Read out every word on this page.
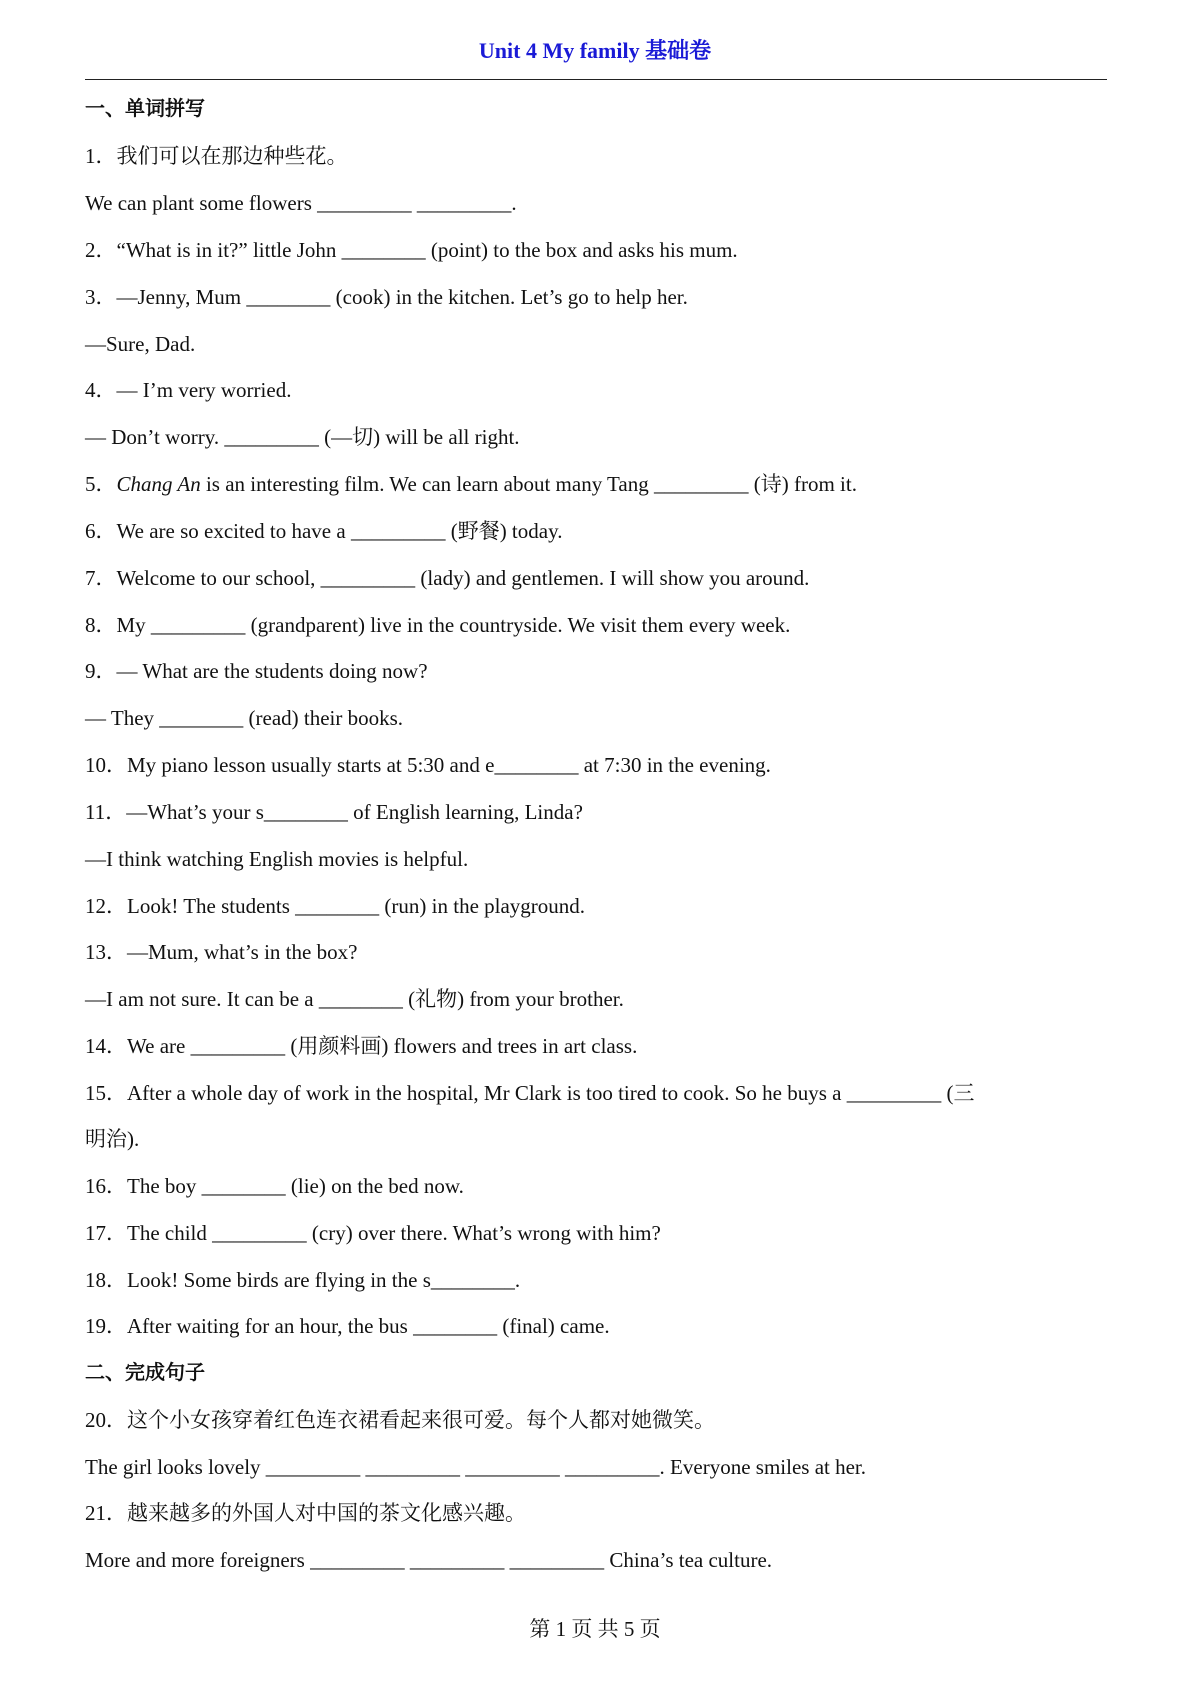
Unit 4 My family 基础卷
一、单词拼写
1．我们可以在那边种些花。
We can plant some flowers _________ _________.
2．“What is in it?” little John ________ (point) to the box and asks his mum.
3．—Jenny, Mum ________ (cook) in the kitchen. Let’s go to help her.
—Sure, Dad.
4．— I’m very worried.
— Don’t worry. _________ (—切) will be all right.
5．Chang An is an interesting film. We can learn about many Tang _________ (诗) from it.
6．We are so excited to have a _________ (野餐) today.
7．Welcome to our school, _________ (lady) and gentlemen. I will show you around.
8．My _________ (grandparent) live in the countryside. We visit them every week.
9．— What are the students doing now?
— They ________ (read) their books.
10．My piano lesson usually starts at 5:30 and e________ at 7:30 in the evening.
11．—What’s your s________ of English learning, Linda?
—I think watching English movies is helpful.
12．Look! The students ________ (run) in the playground.
13．—Mum, what’s in the box?
—I am not sure. It can be a ________ (礼物) from your brother.
14．We are _________ (用颜料画) flowers and trees in art class.
15．After a whole day of work in the hospital, Mr Clark is too tired to cook. So he buys a _________ (三
明治).
16．The boy ________ (lie) on the bed now.
17．The child _________ (cry) over there. What’s wrong with him?
18．Look! Some birds are flying in the s________.
19．After waiting for an hour, the bus ________ (final) came.
二、完成句子
20．这个小女孩穿着红色连衣裙看起来很可爱。每个人都对她微笑。
The girl looks lovely _________ _________ _________ _________. Everyone smiles at her.
21．越来越多的外国人对中国的茶文化感兴趣。
More and more foreigners _________ _________ _________ China’s tea culture.
第 1 页 共 5 页
